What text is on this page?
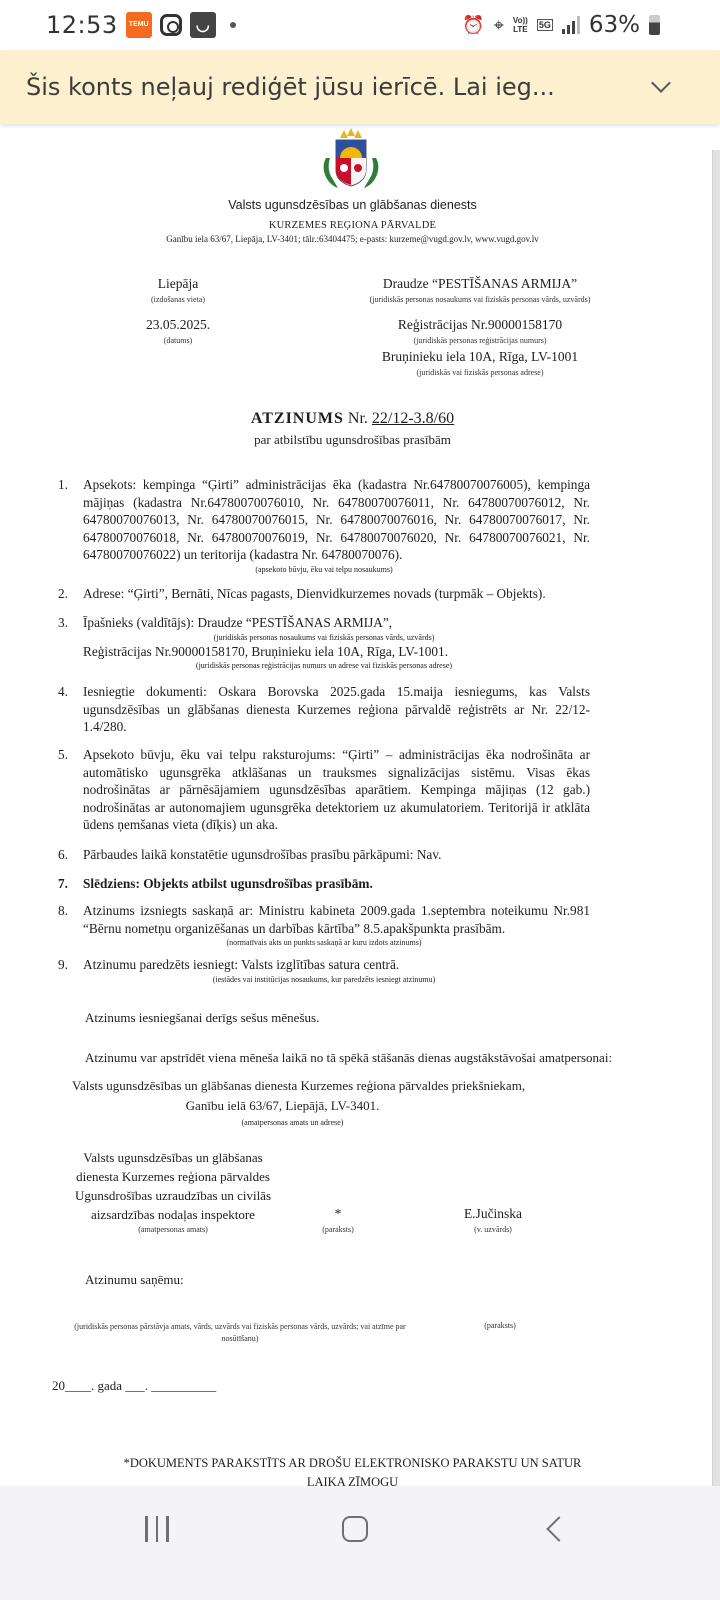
12:53	TEMU	◡	⏰ ⌖ Vo))
LTE 5G 63%
Šis konts neļauj rediģēt jūsu ierīcē. Lai ieg...
Valsts ugunsdzēsības un glābšanas dienests
KURZEMES REĢIONA PĀRVALDE
Ganību iela 63/67, Liepāja, LV-3401; tālr.:63404475; e-pasts: kurzeme@vugd.gov.lv, www.vugd.gov.lv
Liepāja
(izdošanas vieta)
23.05.2025.
(datums)
Draudze “PESTĪŠANAS ARMIJA”
(juridiskās personas nosaukums vai fiziskās personas vārds, uzvārds)
Reģistrācijas Nr.90000158170
(juridiskās personas reģistrācijas numurs)
Bruņinieku iela 10A, Rīga, LV-1001
(juridiskās vai fiziskās personas adrese)
ATZINUMS Nr. 22/12-3.8/60
par atbilstību ugunsdrošības prasībām
1. Apsekots: kempinga “Ģirti” administrācijas ēka (kadastra Nr.64780070076005), kempinga mājiņas (kadastra Nr.64780070076010, Nr. 64780070076011, Nr. 64780070076012, Nr. 64780070076013, Nr. 64780070076015, Nr. 64780070076016, Nr. 64780070076017, Nr. 64780070076018, Nr. 64780070076019, Nr. 64780070076020, Nr. 64780070076021, Nr. 64780070076022) un teritorija (kadastra Nr. 64780070076).
(apsekoto būvju, ēku vai telpu nosaukums)
2. Adrese: “Ģirti”, Bernāti, Nīcas pagasts, Dienvidkurzemes novads (turpmāk – Objekts).
3. Īpašnieks (valdītājs): Draudze “PESTĪŠANAS ARMIJA”,
(juridiskās personas nosaukums vai fiziskās personas vārds, uzvārds)
Reģistrācijas Nr.90000158170, Bruņinieku iela 10A, Rīga, LV-1001.
(juridiskās personas reģistrācijas numurs un adrese vai fiziskās personas adrese)
4. Iesniegtie dokumenti: Oskara Borovska 2025.gada 15.maija iesniegums, kas Valsts ugunsdzēsības un glābšanas dienesta Kurzemes reģiona pārvaldē reģistrēts ar Nr. 22/12-1.4/280.
5. Apsekoto būvju, ēku vai telpu raksturojums: “Ģirti” – administrācijas ēka nodrošināta ar automātisko ugunsgrēka atklāšanas un trauksmes signalizācijas sistēmu. Visas ēkas nodrošinātas ar pārnēsājamiem ugunsdzēsības aparātiem. Kempinga mājiņas (12 gab.) nodrošinātas ar autonomajiem ugunsgrēka detektoriem uz akumulatoriem. Teritorijā ir atklāta ūdens ņemšanas vieta (dīķis) un aka.
6. Pārbaudes laikā konstatētie ugunsdrošības prasību pārkāpumi: Nav.
7. Slēdziens: Objekts atbilst ugunsdrošības prasībām.
8. Atzinums izsniegts saskaņā ar: Ministru kabineta 2009.gada 1.septembra noteikumu Nr.981 “Bērnu nometņu organizēšanas un darbības kārtība” 8.5.apakšpunkta prasībām.
(normatīvais akts un punkts saskaņā ar kuru izdots atzinums)
9. Atzinumu paredzēts iesniegt: Valsts izglītības satura centrā.
(iestādes vai institūcijas nosaukums, kur paredzēts iesniegt atzinumu)
Atzinums iesniegšanai derīgs sešus mēnešus.
Atzinumu var apstrīdēt viena mēneša laikā no tā spēkā stāšanās dienas augstākstāvošai amatpersonai:
Valsts ugunsdzēsības un glābšanas dienesta Kurzemes reģiona pārvaldes priekšniekam,
Ganību ielā 63/67, Liepājā, LV-3401.
(amatpersonas amats un adrese)
Valsts ugunsdzēsības un glābšanas
dienesta Kurzemes reģiona pārvaldes
Ugunsdrošības uzraudzības un civilās
aizsardzības nodaļas inspektore
(amatpersonas amats)
*
(paraksts)
E.Jučinska
(v. uzvārds)
Atzinumu saņēmu:
(juridiskās personas pārstāvja amats, vārds, uzvārds vai fiziskās personas vārds, uzvārds; vai atzīme par
nosūtīšanu)
(paraksts)
20____. gada ___. __________
*DOKUMENTS PARAKSTĪTS AR DROŠU ELEKTRONISKO PARAKSTU UN SATUR
LAIKA ZĪMOGU
